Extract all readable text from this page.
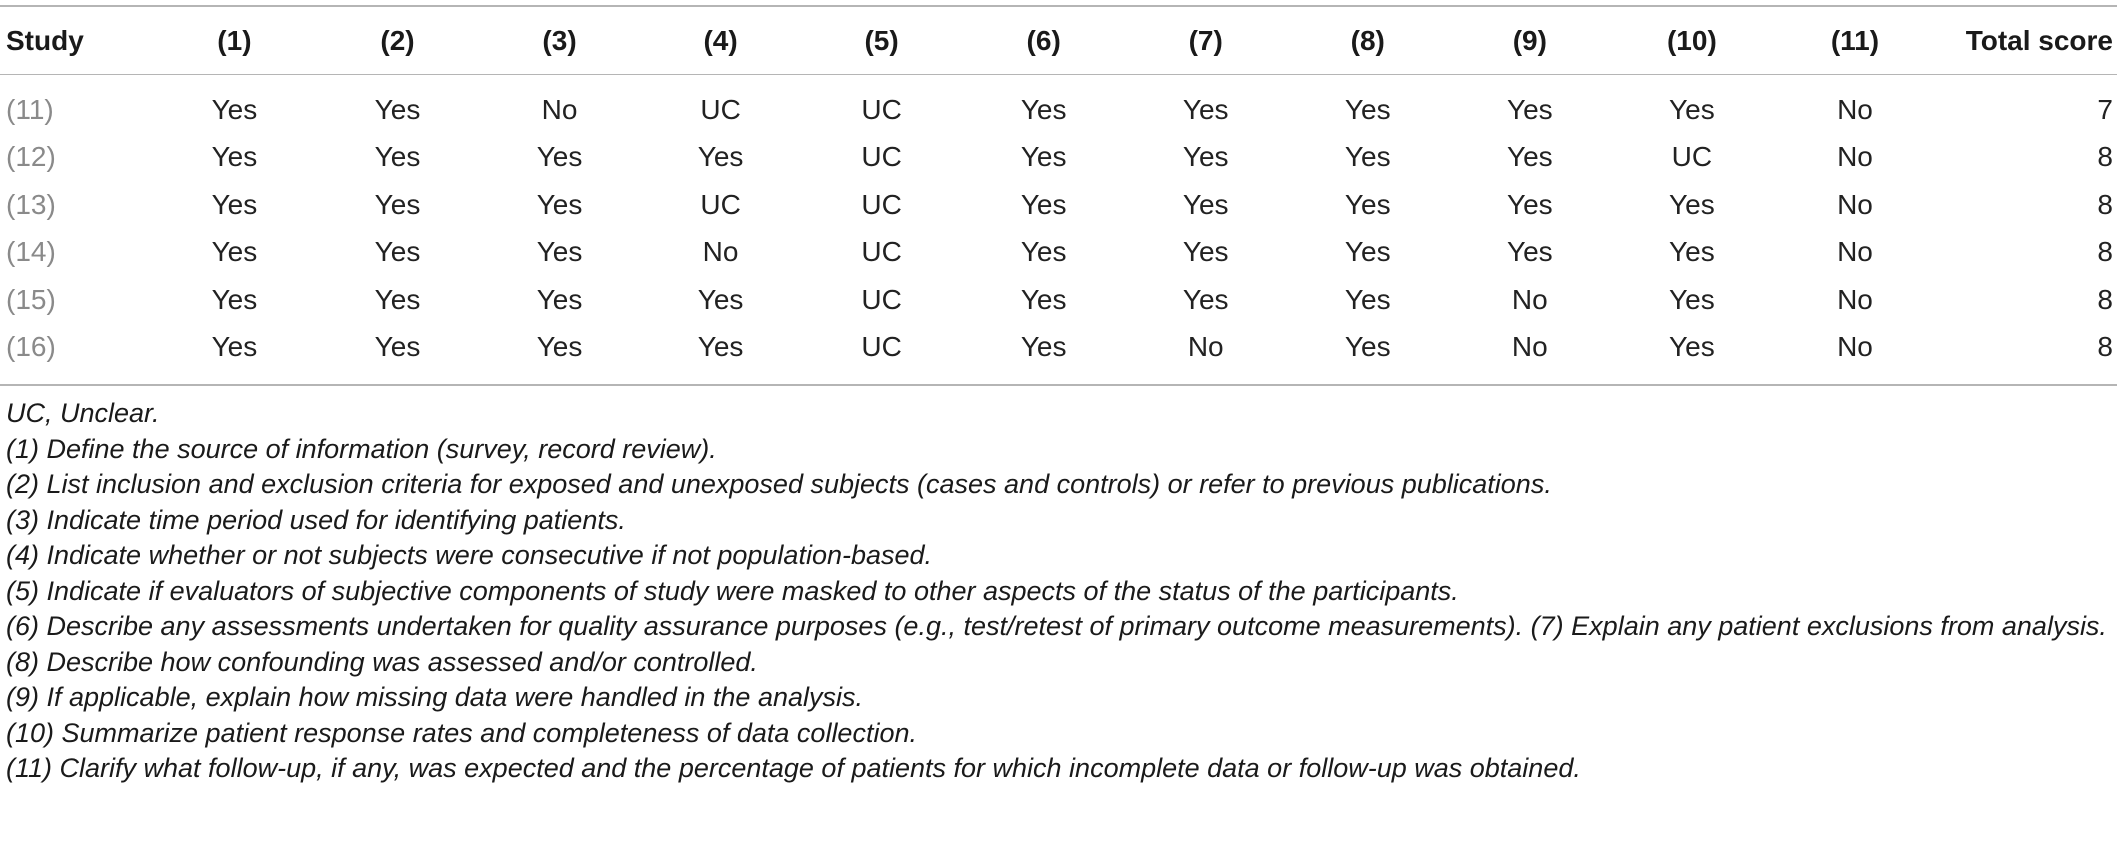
Study	(1)	(2)	(3)	(4)	(5)	(6)	(7)	(8)	(9)	(10)	(11)	Total score
(11)	Yes	Yes	No	UC	UC	Yes	Yes	Yes	Yes	Yes	No	7
(12)	Yes	Yes	Yes	Yes	UC	Yes	Yes	Yes	Yes	UC	No	8
(13)	Yes	Yes	Yes	UC	UC	Yes	Yes	Yes	Yes	Yes	No	8
(14)	Yes	Yes	Yes	No	UC	Yes	Yes	Yes	Yes	Yes	No	8
(15)	Yes	Yes	Yes	Yes	UC	Yes	Yes	Yes	No	Yes	No	8
(16)	Yes	Yes	Yes	Yes	UC	Yes	No	Yes	No	Yes	No	8

UC, Unclear.

(1) Define the source of information (survey, record review).

(2) List inclusion and exclusion criteria for exposed and unexposed subjects (cases and controls) or refer to previous publications.

(3) Indicate time period used for identifying patients.

(4) Indicate whether or not subjects were consecutive if not population-based.

(5) Indicate if evaluators of subjective components of study were masked to other aspects of the status of the participants.

(6) Describe any assessments undertaken for quality assurance purposes (e.g., test/retest of primary outcome measurements). (7) Explain any patient exclusions from analysis.

(8) Describe how confounding was assessed and/or controlled.

(9) If applicable, explain how missing data were handled in the analysis.

(10) Summarize patient response rates and completeness of data collection.

(11) Clarify what follow-up, if any, was expected and the percentage of patients for which incomplete data or follow-up was obtained.
